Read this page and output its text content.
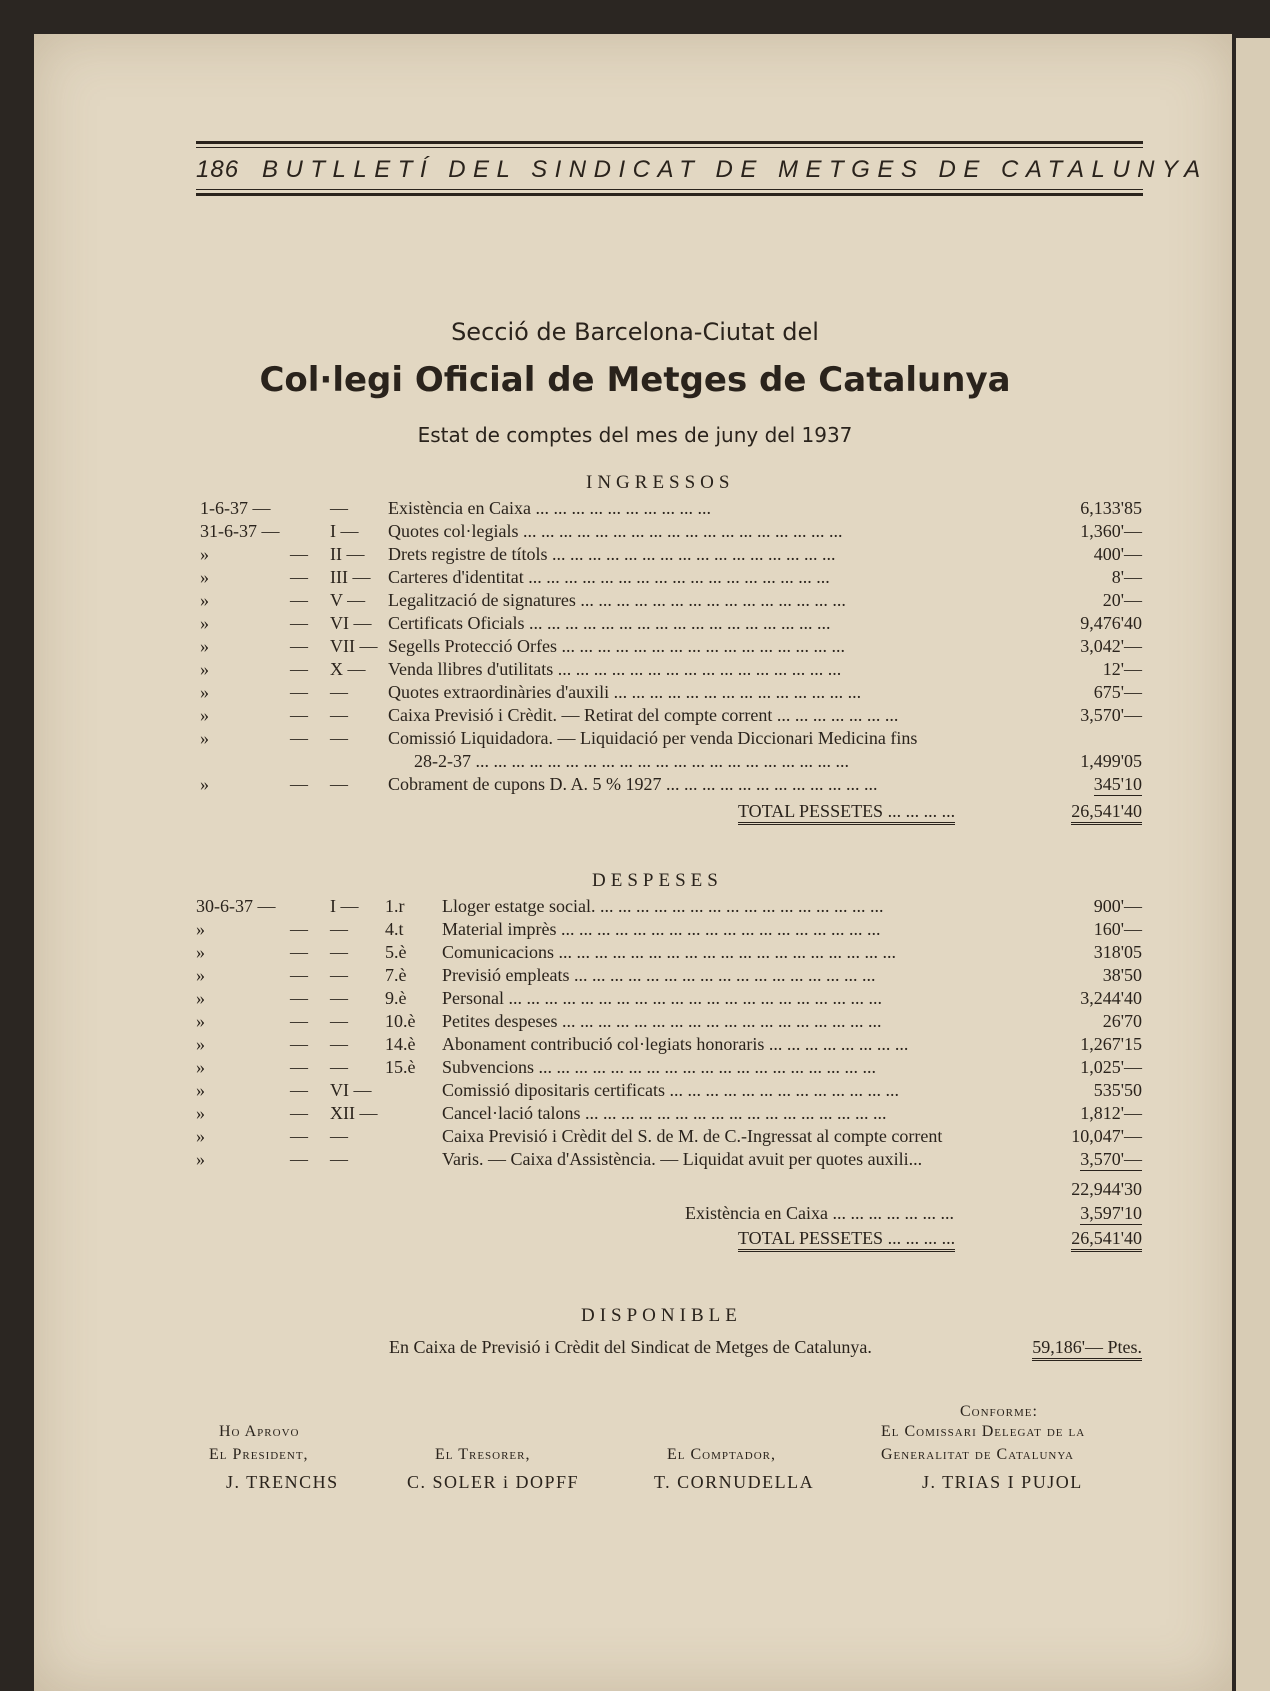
186 BUTLLETÍ DEL SINDICAT DE METGES DE CATALUNYA
Secció de Barcelona-Ciutat del
Col·legi Oficial de Metges de Catalunya
Estat de comptes del mes de juny del 1937
INGRESSOS
1-6-37 —	— Existència en Caixa ... ... ... ... ... ... ... ... ... ...	6,133'85
31-6-37 —	I — Quotes col·legials ... ... ... ... ... ... ... ... ... ... ... ... ... ... ... ... ... ...	1,360'—
»	— II — Drets registre de títols ... ... ... ... ... ... ... ... ... ... ... ... ... ... ... ...	400'—
»	— III — Carteres d'identitat ... ... ... ... ... ... ... ... ... ... ... ... ... ... ... ... ...	8'—
»	— V — Legalització de signatures ... ... ... ... ... ... ... ... ... ... ... ... ... ... ...	20'—
»	— VI — Certificats Oficials ... ... ... ... ... ... ... ... ... ... ... ... ... ... ... ... ...	9,476'40
»	— VII — Segells Protecció Orfes ... ... ... ... ... ... ... ... ... ... ... ... ... ... ... ...	3,042'—
»	— X — Venda llibres d'utilitats ... ... ... ... ... ... ... ... ... ... ... ... ... ... ... ...	12'—
»	— — Quotes extraordinàries d'auxili ... ... ... ... ... ... ... ... ... ... ... ... ... ...	675'—
»	— — Caixa Previsió i Crèdit. — Retirat del compte corrent ... ... ... ... ... ... ...	3,570'—
»	— — Comissió Liquidadora. — Liquidació per venda Diccionari Medicina fins
28-2-37 ... ... ... ... ... ... ... ... ... ... ... ... ... ... ... ... ... ... ... ... ...	1,499'05
»	— — Cobrament de cupons D. A. 5 % 1927 ... ... ... ... ... ... ... ... ... ... ... ...	345'10
TOTAL PESSETES ... ... ... ...	26,541'40
DESPESES
30-6-37 —	I — 1.r Lloger estatge social. ... ... ... ... ... ... ... ... ... ... ... ... ... ... ... ...	900'—
»	— — 4.t Material imprès ... ... ... ... ... ... ... ... ... ... ... ... ... ... ... ... ... ...	160'—
»	— — 5.è Comunicacions ... ... ... ... ... ... ... ... ... ... ... ... ... ... ... ... ... ... ...	318'05
»	— — 7.è Previsió empleats ... ... ... ... ... ... ... ... ... ... ... ... ... ... ... ... ...	38'50
»	— — 9.è Personal ... ... ... ... ... ... ... ... ... ... ... ... ... ... ... ... ... ... ... ... ...	3,244'40
»	— — 10.è Petites despeses ... ... ... ... ... ... ... ... ... ... ... ... ... ... ... ... ... ...	26'70
»	— — 14.è Abonament contribució col·legiats honoraris ... ... ... ... ... ... ... ...	1,267'15
»	— — 15.è Subvencions ... ... ... ... ... ... ... ... ... ... ... ... ... ... ... ... ... ... ...	1,025'—
»	— VI —	Comissió dipositaris certificats ... ... ... ... ... ... ... ... ... ... ... ... ...	535'50
»	— XII —	Cancel·lació talons ... ... ... ... ... ... ... ... ... ... ... ... ... ... ... ... ...	1,812'—
»	— —	Caixa Previsió i Crèdit del S. de M. de C.-Ingressat al compte corrent	10,047'—
»	— —	Varis. — Caixa d'Assistència. — Liquidat avuit per quotes auxili...	3,570'—
22,944'30
Existència en Caixa ... ... ... ... ... ... ...	3,597'10
TOTAL PESSETES ... ... ... ...	26,541'40
DISPONIBLE
En Caixa de Previsió i Crèdit del Sindicat de Metges de Catalunya.	59,186'— Ptes.
Conforme:
Ho Aprovo	El Comissari Delegat de la
El President,	El Tresorer,	El Comptador,	Generalitat de Catalunya
J. TRENCHS	C. SOLER i DOPFF	T. CORNUDELLA	J. TRIAS I PUJOL
